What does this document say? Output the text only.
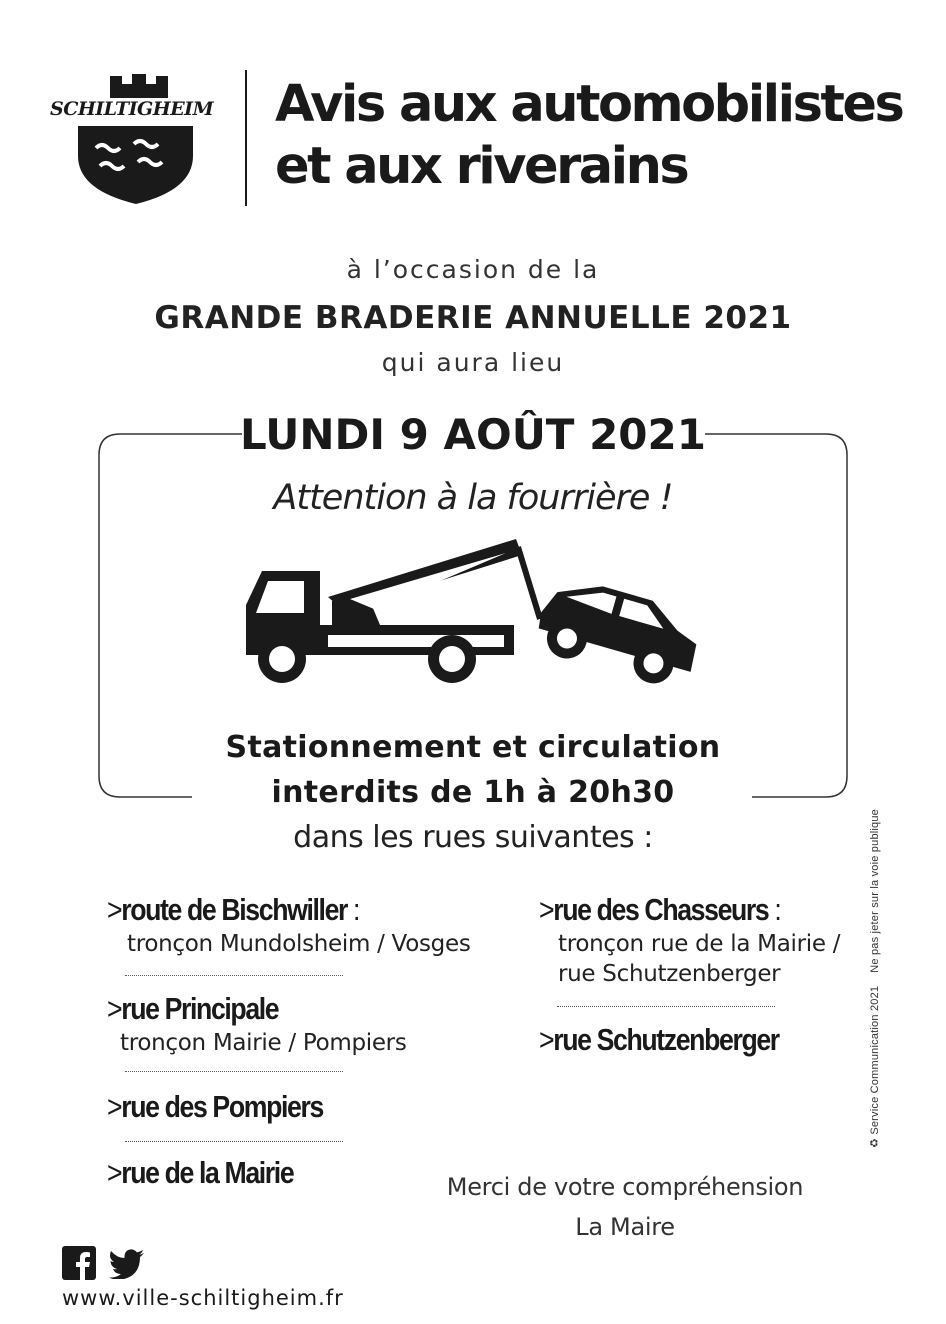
SCHILTIGHEIM Avis aux automobilistes
et aux riverains
à l’occasion de la
GRANDE BRADERIE ANNUELLE 2021
qui aura lieu
LUNDI 9 AOÛT 2021
Attention à la fourrière !
Stationnement et circulation
interdits de 1h à 20h30
dans les rues suivantes :
>route de Bischwiller :
tronçon Mundolsheim / Vosges
>rue Principale
tronçon Mairie / Pompiers
>rue des Pompiers
>rue de la Mairie
>rue des Chasseurs :
tronçon rue de la Mairie /
rue Schutzenberger
>rue Schutzenberger
Merci de votre compréhension
La Maire

www.ville-schiltigheim.fr
♻ Service Communication 2021    Ne pas jeter sur la voie publique
